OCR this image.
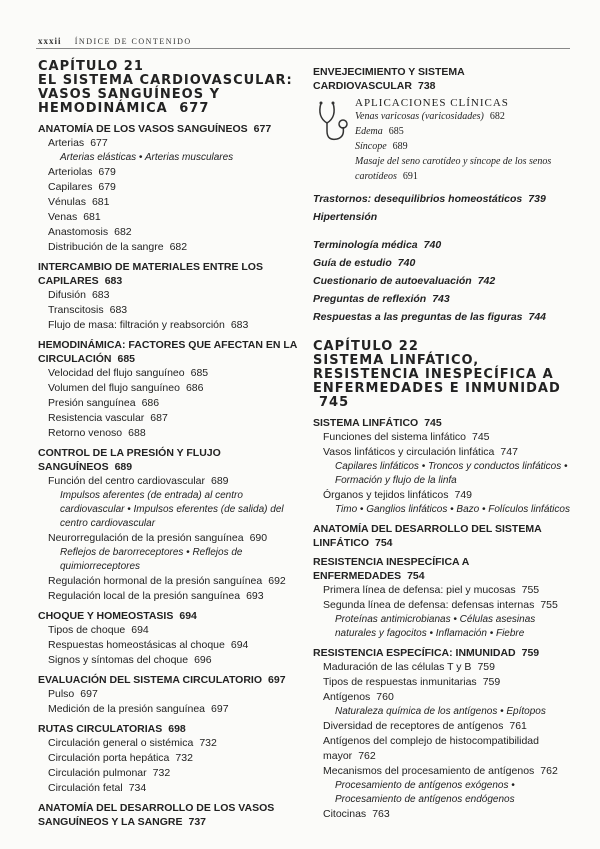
xxxii ÍNDICE DE CONTENIDO
CAPÍTULO 21
EL SISTEMA CARDIOVASCULAR: VASOS SANGUÍNEOS Y HEMODINÁMICA 677
ANATOMÍA DE LOS VASOS SANGUÍNEOS 677
Arterias 677
Arterias elásticas • Arterias musculares
Arteriolas 679
Capilares 679
Vénulas 681
Venas 681
Anastomosis 682
Distribución de la sangre 682
INTERCAMBIO DE MATERIALES ENTRE LOS CAPILARES 683
Difusión 683
Transcitosis 683
Flujo de masa: filtración y reabsorción 683
HEMODINÁMICA: FACTORES QUE AFECTAN EN LA CIRCULACIÓN 685
Velocidad del flujo sanguíneo 685
Volumen del flujo sanguíneo 686
Presión sanguínea 686
Resistencia vascular 687
Retorno venoso 688
CONTROL DE LA PRESIÓN Y FLUJO SANGUÍNEOS 689
Función del centro cardiovascular 689
Impulsos aferentes (de entrada) al centro cardiovascular • Impulsos eferentes (de salida) del centro cardiovascular
Neurorregulación de la presión sanguínea 690
Reflejos de barorreceptores • Reflejos de quimiorreceptores
Regulación hormonal de la presión sanguínea 692
Regulación local de la presión sanguínea 693
CHOQUE Y HOMEOSTASIS 694
Tipos de choque 694
Respuestas homeostásicas al choque 694
Signos y síntomas del choque 696
EVALUACIÓN DEL SISTEMA CIRCULATORIO 697
Pulso 697
Medición de la presión sanguínea 697
RUTAS CIRCULATORIAS 698
Circulación general o sistémica 732
Circulación porta hepática 732
Circulación pulmonar 732
Circulación fetal 734
ANATOMÍA DEL DESARROLLO DE LOS VASOS SANGUÍNEOS Y LA SANGRE 737
ENVEJECIMIENTO Y SISTEMA CARDIOVASCULAR 738
APLICACIONES CLÍNICAS
Venas varicosas (varicosidades) 682
Edema 685
Síncope 689
Masaje del seno carotídeo y síncope de los senos carotídeos 691
Trastornos: desequilibrios homeostáticos 739
Hipertensión
Terminología médica 740
Guía de estudio 740
Cuestionario de autoevaluación 742
Preguntas de reflexión 743
Respuestas a las preguntas de las figuras 744
CAPÍTULO 22
SISTEMA LINFÁTICO, RESISTENCIA INESPECÍFICA A ENFERMEDADES E INMUNIDAD 745
SISTEMA LINFÁTICO 745
Funciones del sistema linfático 745
Vasos linfáticos y circulación linfática 747
Capilares linfáticos • Troncos y conductos linfáticos • Formación y flujo de la linfa
Órganos y tejidos linfáticos 749
Timo • Ganglios linfáticos • Bazo • Folículos linfáticos
ANATOMÍA DEL DESARROLLO DEL SISTEMA LINFÁTICO 754
RESISTENCIA INESPECÍFICA A ENFERMEDADES 754
Primera línea de defensa: piel y mucosas 755
Segunda línea de defensa: defensas internas 755
Proteínas antimicrobianas • Células asesinas naturales y fagocitos • Inflamación • Fiebre
RESISTENCIA ESPECÍFICA: INMUNIDAD 759
Maduración de las células T y B 759
Tipos de respuestas inmunitarias 759
Antígenos 760
Naturaleza química de los antígenos • Epítopos
Diversidad de receptores de antígenos 761
Antígenos del complejo de histocompatibilidad mayor 762
Mecanismos del procesamiento de antígenos 762
Procesamiento de antígenos exógenos • Procesamiento de antígenos endógenos
Citocinas 763
